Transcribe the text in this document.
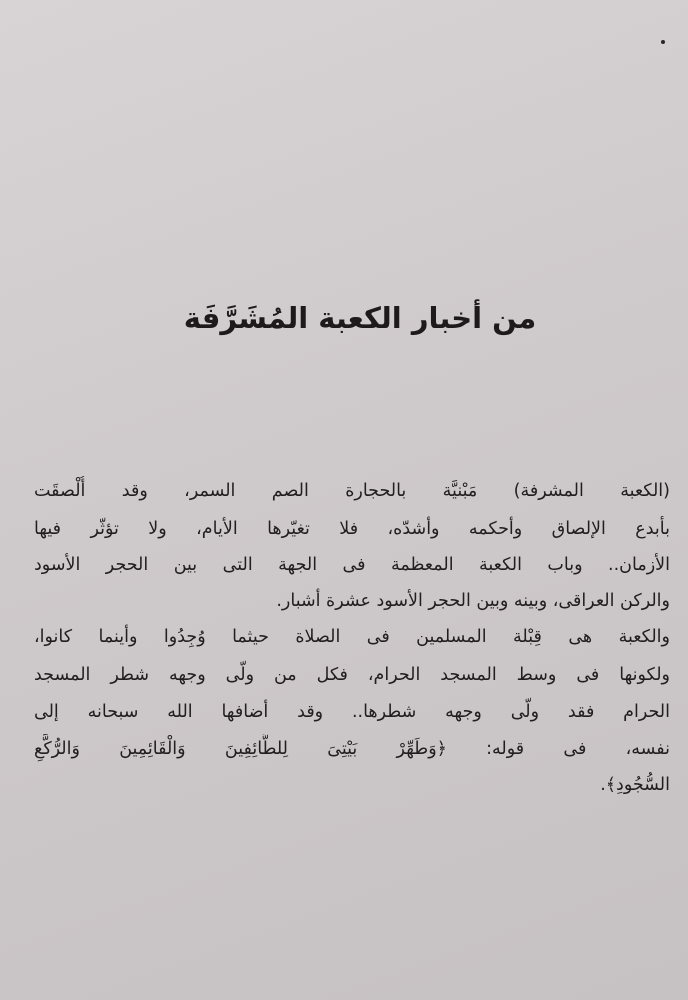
من أخبار الكعبة المُشَرَّفَة
(الكعبة المشرفة) مَبْنيَّة بالحجارة الصم السمر، وقد أُلْصقَت
بأبدع الإلصاق وأحكمه وأشدّه، فلا تغيّرها الأيام، ولا تؤثّر فيها
الأزمان.. وباب الكعبة المعظمة فى الجهة التى بين الحجر الأسود
والركن العراقى، وبينه وبين الحجر الأسود عشرة أشبار.
والكعبة هى قِبْلة المسلمين فى الصلاة حيثما وُجِدُوا وأينما كانوا،
ولكونها فى وسط المسجد الحرام، فكل من ولّى وجهه شطر المسجد
الحرام فقد ولّى وجهه شطرها.. وقد أضافها الله سبحانه إلى
نفسه، فى قوله: ﴿وَطَهِّرْ بَيْتِىَ لِلطَّائِفِينَ وَالْقَائِمِينَ وَالرُّكَّعِ
السُّجُودِ﴾.
